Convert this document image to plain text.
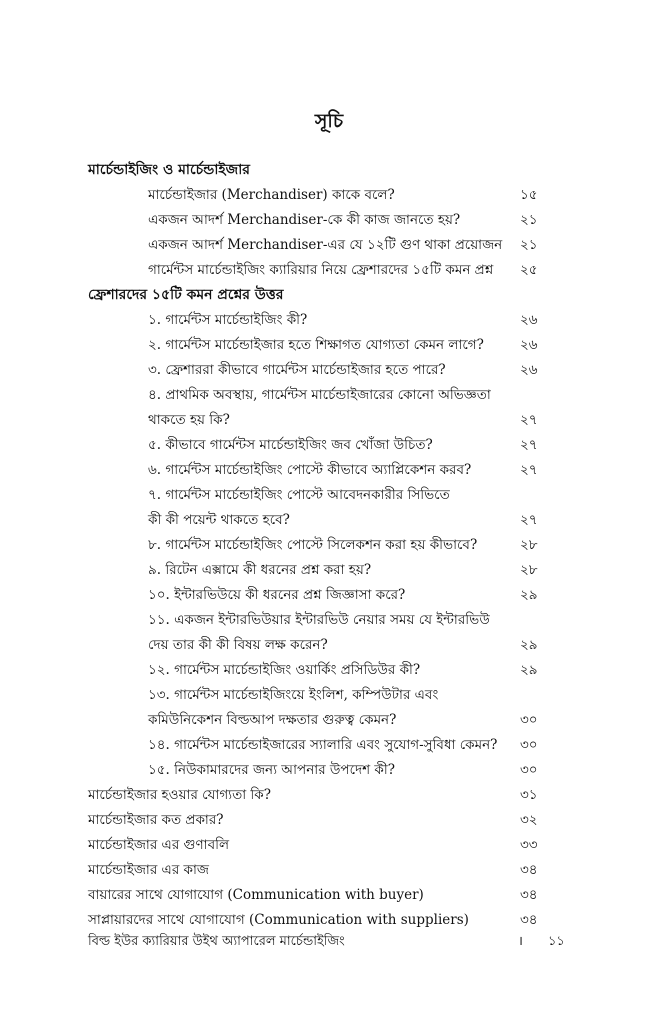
সূচি
মার্চেন্ডাইজিং ও মার্চেন্ডাইজার
মার্চেন্ডাইজার (Merchandiser) কাকে বলে?	১৫
একজন আদর্শ Merchandiser-কে কী কাজ জানতে হয়?	২১
একজন আদর্শ Merchandiser-এর যে ১২টি গুণ থাকা প্রয়োজন ২১
গার্মেন্টস মার্চেন্ডাইজিং ক্যারিয়ার নিয়ে ফ্রেশারদের ১৫টি কমন প্রশ্ন ২৫
ফ্রেশারদের ১৫টি কমন প্রশ্নের উত্তর
১. গার্মেন্টস মার্চেন্ডাইজিং কী?	২৬
২. গার্মেন্টস মার্চেন্ডাইজার হতে শিক্ষাগত যোগ্যতা কেমন লাগে?	২৬
৩. ফ্রেশাররা কীভাবে গার্মেন্টস মার্চেন্ডাইজার হতে পারে?	২৬
৪. প্রাথমিক অবস্থায়, গার্মেন্টস মার্চেন্ডাইজারের কোনো অভিজ্ঞতা
থাকতে হয় কি?	২৭
৫. কীভাবে গার্মেন্টস মার্চেন্ডাইজিং জব খোঁজা উচিত?	২৭
৬. গার্মেন্টস মার্চেন্ডাইজিং পোস্টে কীভাবে অ্যাপ্লিকেশন করব?	২৭
৭. গার্মেন্টস মার্চেন্ডাইজিং পোস্টে আবেদনকারীর সিভিতে
কী কী পয়েন্ট থাকতে হবে?	২৭
৮. গার্মেন্টস মার্চেন্ডাইজিং পোস্টে সিলেকশন করা হয় কীভাবে?	২৮
৯. রিটেন এক্সামে কী ধরনের প্রশ্ন করা হয়?	২৮
১০. ইন্টারভিউয়ে কী ধরনের প্রশ্ন জিজ্ঞাসা করে?	২৯
১১. একজন ইন্টারভিউয়ার ইন্টারভিউ নেয়ার সময় যে ইন্টারভিউ
দেয় তার কী কী বিষয় লক্ষ করেন?	২৯
১২. গার্মেন্টস মার্চেন্ডাইজিং ওয়ার্কিং প্রসিডিউর কী?	২৯
১৩. গার্মেন্টস মার্চেন্ডাইজিংয়ে ইংলিশ, কম্পিউটার এবং
কমিউনিকেশন বিল্ডআপ দক্ষতার গুরুত্ব কেমন?	৩০
১৪. গার্মেন্টস মার্চেন্ডাইজারের স্যালারি এবং সুযোগ-সুবিধা কেমন? ৩০
১৫. নিউকামারদের জন্য আপনার উপদেশ কী?	৩০
মার্চেন্ডাইজার হওয়ার যোগ্যতা কি?	৩১
মার্চেন্ডাইজার কত প্রকার?	৩২
মার্চেন্ডাইজার এর গুণাবলি	৩৩
মার্চেন্ডাইজার এর কাজ	৩৪
বায়ারের সাথে যোগাযোগ (Communication with buyer)	৩৪
সাপ্লায়ারদের সাথে যোগাযোগ (Communication with suppliers)	৩৪
বিল্ড ইউর ক্যারিয়ার উইথ অ্যাপারেল মার্চেন্ডাইজিং	। ১১
